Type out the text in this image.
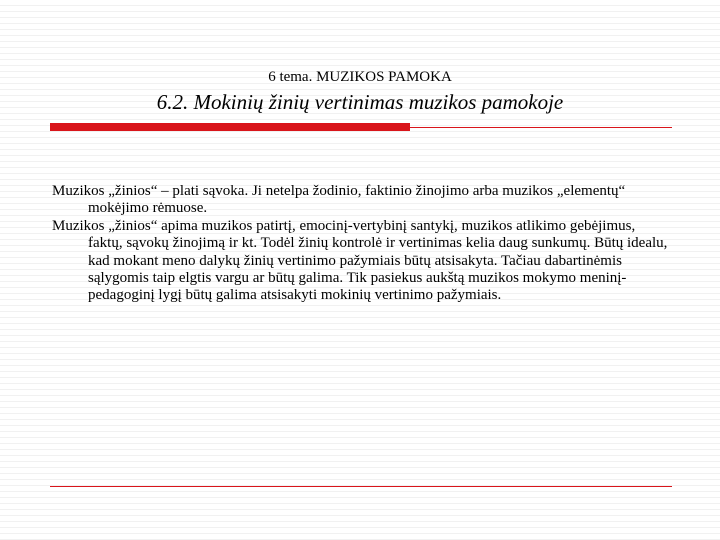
6 tema. MUZIKOS PAMOKA
6.2. Mokinių žinių vertinimas muzikos pamokoje

Muzikos „žinios“ – plati sąvoka. Ji netelpa žodinio, faktinio žinojimo arba muzikos „elementų“ mokėjimo rėmuose.

Muzikos „žinios“ apima muzikos patirtį, emocinį-vertybinį santykį, muzikos atlikimo gebėjimus, faktų, sąvokų žinojimą ir kt. Todėl žinių kontrolė ir vertinimas kelia daug sunkumų. Būtų idealu, kad mokant meno dalykų žinių vertinimo pažymiais būtų atsisakyta. Tačiau dabartinėmis sąlygomis taip elgtis vargu ar būtų galima. Tik pasiekus aukštą muzikos mokymo meninį-pedagoginį lygį būtų galima atsisakyti mokinių vertinimo pažymiais.
